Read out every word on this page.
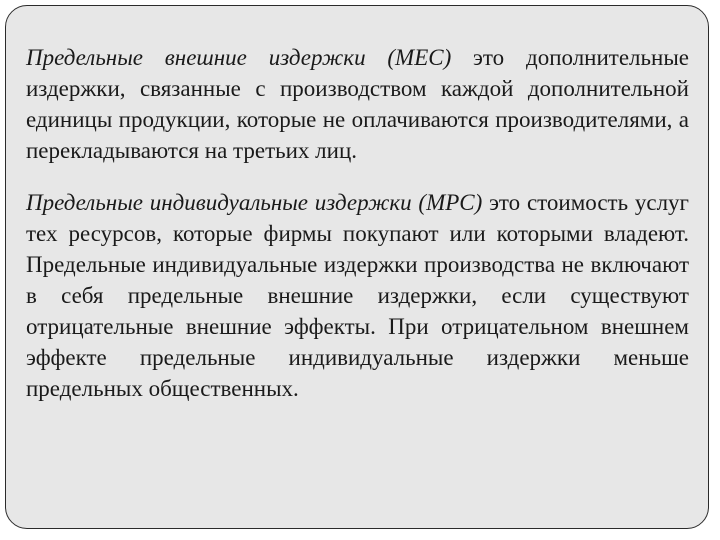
Предельные внешние издержки (MEC) это дополнительные издержки, связанные с производством каждой дополнительной единицы продукции, которые не оплачиваются производителями, а перекладываются на третьих лиц.

Предельные индивидуальные издержки (MPC) это стоимость услуг тех ресурсов, которые фирмы покупают или которыми владеют. Предельные индивидуальные издержки производства не включают в себя предельные внешние издержки, если существуют отрицательные внешние эффекты. При отрицательном внешнем эффекте предельные индивидуальные издержки меньше предельных общественных.
